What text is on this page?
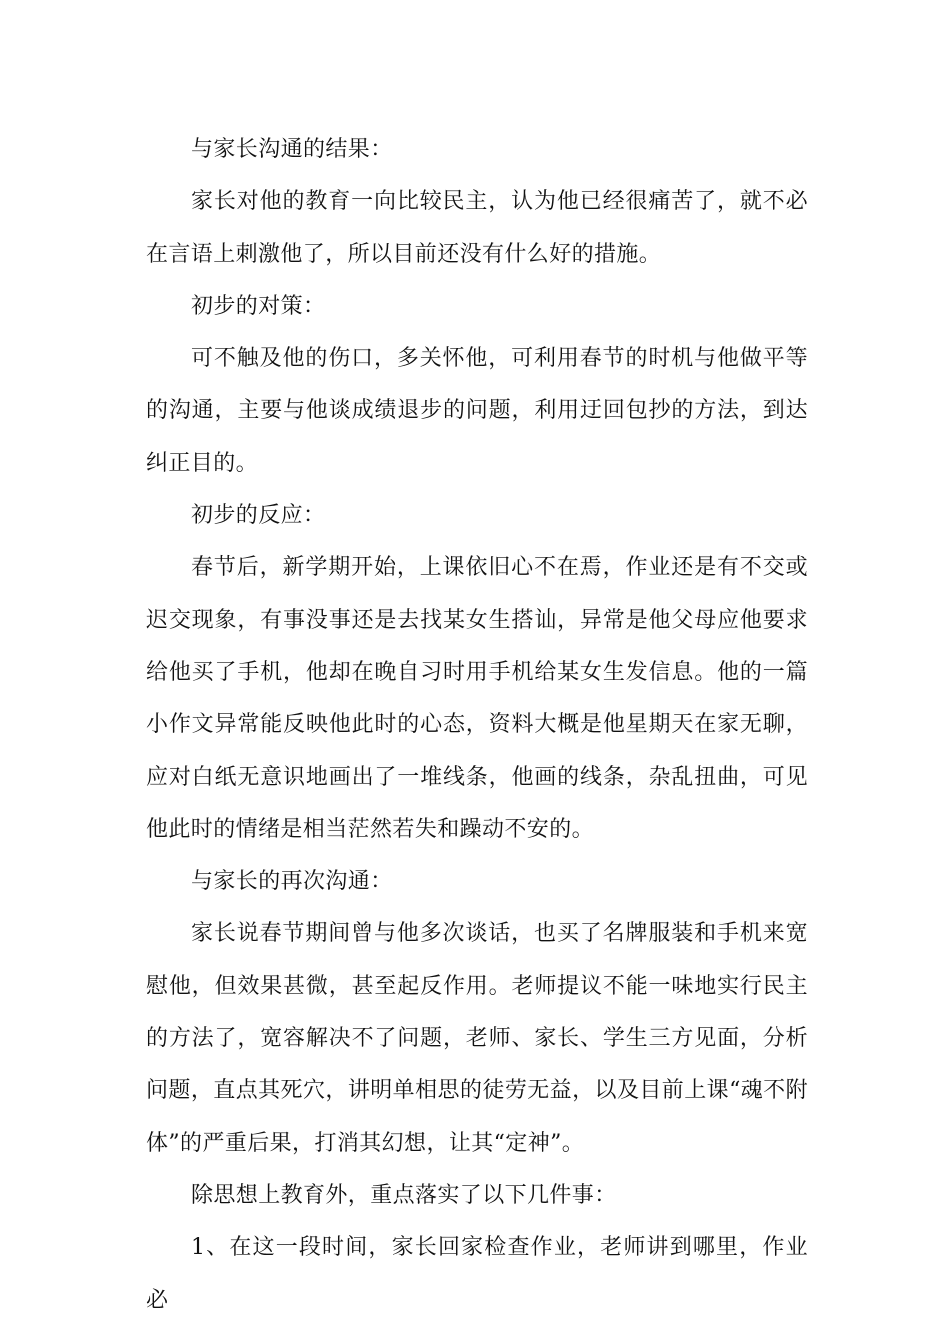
与家长沟通的结果：

家长对他的教育一向比较民主，认为他已经很痛苦了，就不必在言语上刺激他了，所以目前还没有什么好的措施。

初步的对策：

可不触及他的伤口，多关怀他，可利用春节的时机与他做平等的沟通，主要与他谈成绩退步的问题，利用迂回包抄的方法，到达纠正目的。

初步的反应：

春节后，新学期开始，上课依旧心不在焉，作业还是有不交或迟交现象，有事没事还是去找某女生搭讪，异常是他父母应他要求给他买了手机，他却在晚自习时用手机给某女生发信息。他的一篇小作文异常能反映他此时的心态，资料大概是他星期天在家无聊，应对白纸无意识地画出了一堆线条，他画的线条，杂乱扭曲，可见他此时的情绪是相当茫然若失和躁动不安的。

与家长的再次沟通：

家长说春节期间曾与他多次谈话，也买了名牌服装和手机来宽慰他，但效果甚微，甚至起反作用。老师提议不能一味地实行民主的方法了，宽容解决不了问题，老师、家长、学生三方见面，分析问题，直点其死穴，讲明单相思的徒劳无益，以及目前上课“魂不附体”的严重后果，打消其幻想，让其“定神”。

除思想上教育外，重点落实了以下几件事：

1、在这一段时间，家长回家检查作业，老师讲到哪里，作业必
